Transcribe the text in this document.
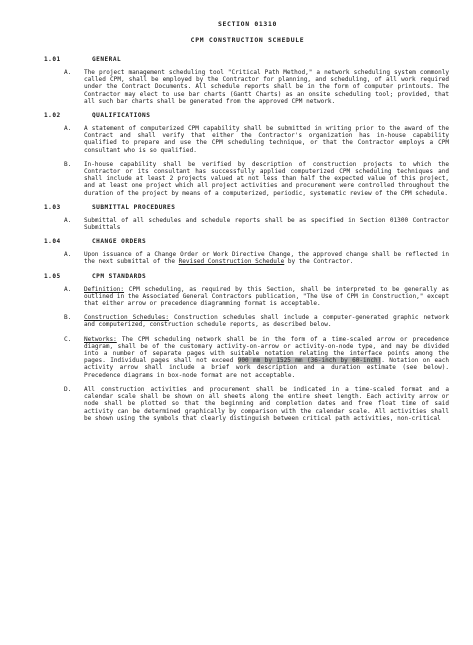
SECTION 01310
CPM CONSTRUCTION SCHEDULE
1.01	GENERAL
A.	The project management scheduling tool "Critical Path Method," a network scheduling system commonly called CPM, shall be employed by the Contractor for planning, and scheduling, of all work required under the Contract Documents. All schedule reports shall be in the form of computer printouts. The Contractor may elect to use bar charts (Gantt Charts) as an onsite scheduling tool; provided, that all such bar charts shall be generated from the approved CPM network.
1.02	QUALIFICATIONS
A.	A statement of computerized CPM capability shall be submitted in writing prior to the award of the Contract and shall verify that either the Contractor's organization has in-house capability qualified to prepare and use the CPM scheduling technique, or that the Contractor employs a CPM consultant who is so qualified.
B.	In-house capability shall be verified by description of construction projects to which the Contractor or its consultant has successfully applied computerized CPM scheduling techniques and shall include at least 2 projects valued at not less than half the expected value of this project, and at least one project which all project activities and procurement were controlled throughout the duration of the project by means of a computerized, periodic, systematic review of the CPM schedule.
1.03	SUBMITTAL PROCEDURES
A.	Submittal of all schedules and schedule reports shall be as specified in Section 01300 Contractor Submittals
1.04	CHANGE ORDERS
A.	Upon issuance of a Change Order or Work Directive Change, the approved change shall be reflected in the next submittal of the Revised Construction Schedule by the Contractor.
1.05	CPM STANDARDS
A.	Definition: CPM scheduling, as required by this Section, shall be interpreted to be generally as outlined in the Associated General Contractors publication, "The Use of CPM in Construction," except that either arrow or precedence diagramming format is acceptable.
B.	Construction Schedules: Construction schedules shall include a computer-generated graphic network and computerized, construction schedule reports, as described below.
C.	Networks: The CPM scheduling network shall be in the form of a time-scaled arrow or precedence diagram, shall be of the customary activity-on-arrow or activity-on-node type, and may be divided into a number of separate pages with suitable notation relating the interface points among the pages. Individual pages shall not exceed 900 mm by 1525 mm (36-inch by 60-inch). Notation on each activity arrow shall include a brief work description and a duration estimate (see below). Precedence diagrams in box-node format are not acceptable.
D.	All construction activities and procurement shall be indicated in a time-scaled format and a calendar scale shall be shown on all sheets along the entire sheet length. Each activity arrow or node shall be plotted so that the beginning and completion dates and free float time of said activity can be determined graphically by comparison with the calendar scale. All activities shall be shown using the symbols that clearly distinguish between critical path activities, non-critical
